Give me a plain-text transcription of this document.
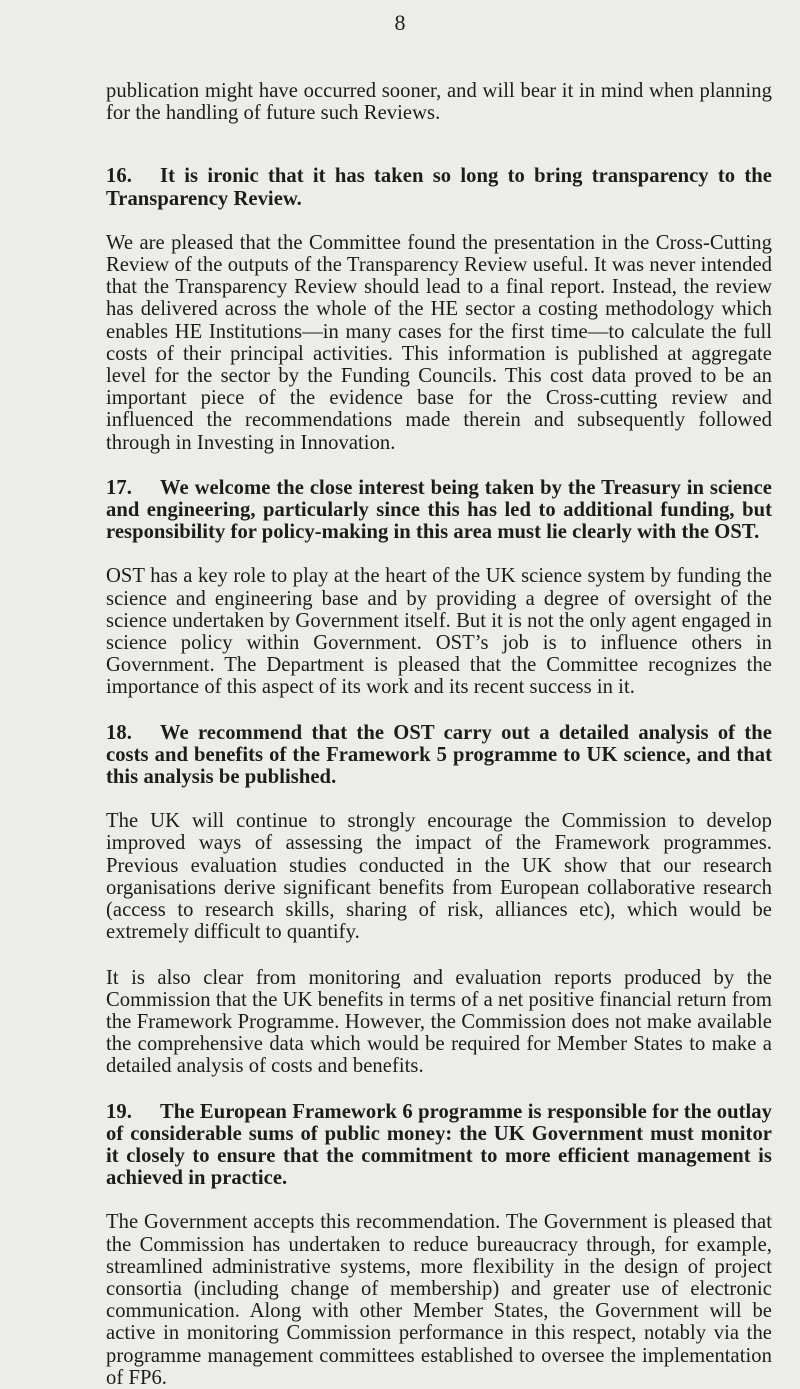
8

publication might have occurred sooner, and will bear it in mind when planning for the handling of future such Reviews.

16. It is ironic that it has taken so long to bring transparency to the Transparency Review.

We are pleased that the Committee found the presentation in the Cross-Cutting Review of the outputs of the Transparency Review useful. It was never intended that the Transparency Review should lead to a final report. Instead, the review has delivered across the whole of the HE sector a costing methodology which enables HE Institutions—in many cases for the first time—to calculate the full costs of their principal activities. This information is published at aggregate level for the sector by the Funding Councils. This cost data proved to be an important piece of the evidence base for the Cross-cutting review and influenced the recommendations made therein and subsequently followed through in Investing in Innovation.

17. We welcome the close interest being taken by the Treasury in science and engineering, particularly since this has led to additional funding, but responsibility for policy-making in this area must lie clearly with the OST.

OST has a key role to play at the heart of the UK science system by funding the science and engineering base and by providing a degree of oversight of the science undertaken by Government itself. But it is not the only agent engaged in science policy within Government. OST’s job is to influence others in Government. The Department is pleased that the Committee recognizes the importance of this aspect of its work and its recent success in it.

18. We recommend that the OST carry out a detailed analysis of the costs and benefits of the Framework 5 programme to UK science, and that this analysis be published.

The UK will continue to strongly encourage the Commission to develop improved ways of assessing the impact of the Framework programmes. Previous evaluation studies conducted in the UK show that our research organisations derive significant benefits from European collaborative research (access to research skills, sharing of risk, alliances etc), which would be extremely difficult to quantify.

It is also clear from monitoring and evaluation reports produced by the Commission that the UK benefits in terms of a net positive financial return from the Framework Programme. However, the Commission does not make available the comprehensive data which would be required for Member States to make a detailed analysis of costs and benefits.

19. The European Framework 6 programme is responsible for the outlay of considerable sums of public money: the UK Government must monitor it closely to ensure that the commitment to more efficient management is achieved in practice.

The Government accepts this recommendation. The Government is pleased that the Commission has undertaken to reduce bureaucracy through, for example, streamlined administrative systems, more flexibility in the design of project consortia (including change of membership) and greater use of electronic communication. Along with other Member States, the Government will be active in monitoring Commission performance in this respect, notably via the programme management committees established to oversee the implementation of FP6.
